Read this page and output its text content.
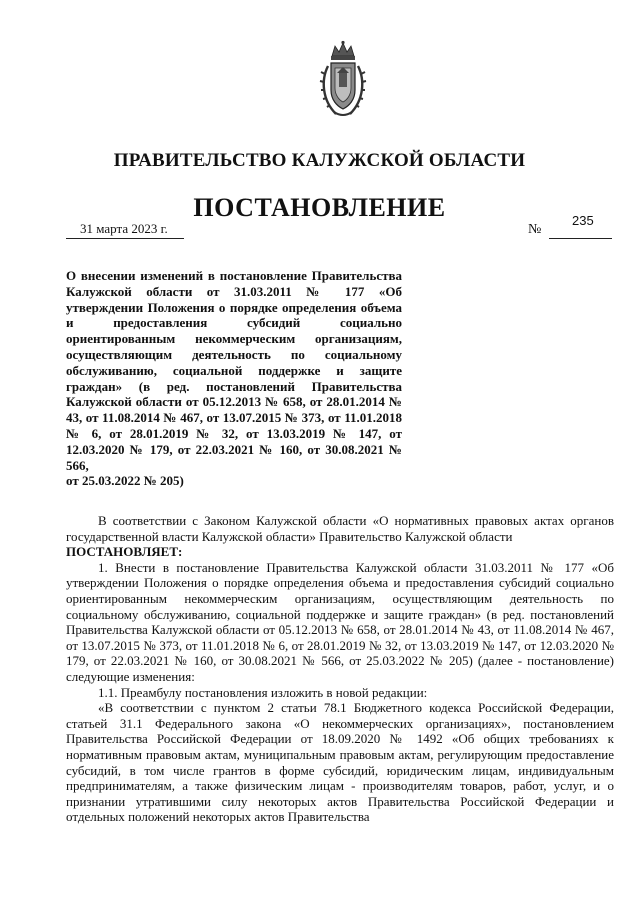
ПРАВИТЕЛЬСТВО КАЛУЖСКОЙ ОБЛАСТИ
ПОСТАНОВЛЕНИЕ
31 марта 2023 г.	№
235

О внесении изменений в постановление Правительства Калужской области от 31.03.2011 № 177 «Об утверждении Положения о порядке определения объема и предоставления субсидий социально ориентированным некоммерческим организациям, осуществляющим деятельность по социальному обслуживанию, социальной поддержке и защите граждан» (в ред. постановлений Правительства Калужской области от 05.12.2013 № 658, от 28.01.2014 № 43, от 11.08.2014 № 467, от 13.07.2015 № 373, от 11.01.2018 № 6, от 28.01.2019 № 32, от 13.03.2019 № 147, от 12.03.2020 № 179, от 22.03.2021 № 160, от 30.08.2021 № 566,

от 25.03.2022 № 205)

В соответствии с Законом Калужской области «О нормативных правовых актах органов государственной власти Калужской области» Правительство Калужской области

ПОСТАНОВЛЯЕТ:

1. Внести в постановление Правительства Калужской области 31.03.2011 № 177 «Об утверждении Положения о порядке определения объема и предоставления субсидий социально ориентированным некоммерческим организациям, осуществляющим деятельность по социальному обслуживанию, социальной поддержке и защите граждан» (в ред. постановлений Правительства Калужской области от 05.12.2013 № 658, от 28.01.2014 № 43, от 11.08.2014 № 467, от 13.07.2015 № 373, от 11.01.2018 № 6, от 28.01.2019 № 32, от 13.03.2019 № 147, от 12.03.2020 № 179, от 22.03.2021 № 160, от 30.08.2021 № 566, от 25.03.2022 № 205) (далее - постановление) следующие изменения:

1.1. Преамбулу постановления изложить в новой редакции:

«В соответствии с пунктом 2 статьи 78.1 Бюджетного кодекса Российской Федерации, статьей 31.1 Федерального закона «О некоммерческих организациях», постановлением Правительства Российской Федерации от 18.09.2020 № 1492 «Об общих требованиях к нормативным правовым актам, муниципальным правовым актам, регулирующим предоставление субсидий, в том числе грантов в форме субсидий, юридическим лицам, индивидуальным предпринимателям, а также физическим лицам - производителям товаров, работ, услуг, и о признании утратившими силу некоторых актов Правительства Российской Федерации и отдельных положений некоторых актов Правительства
